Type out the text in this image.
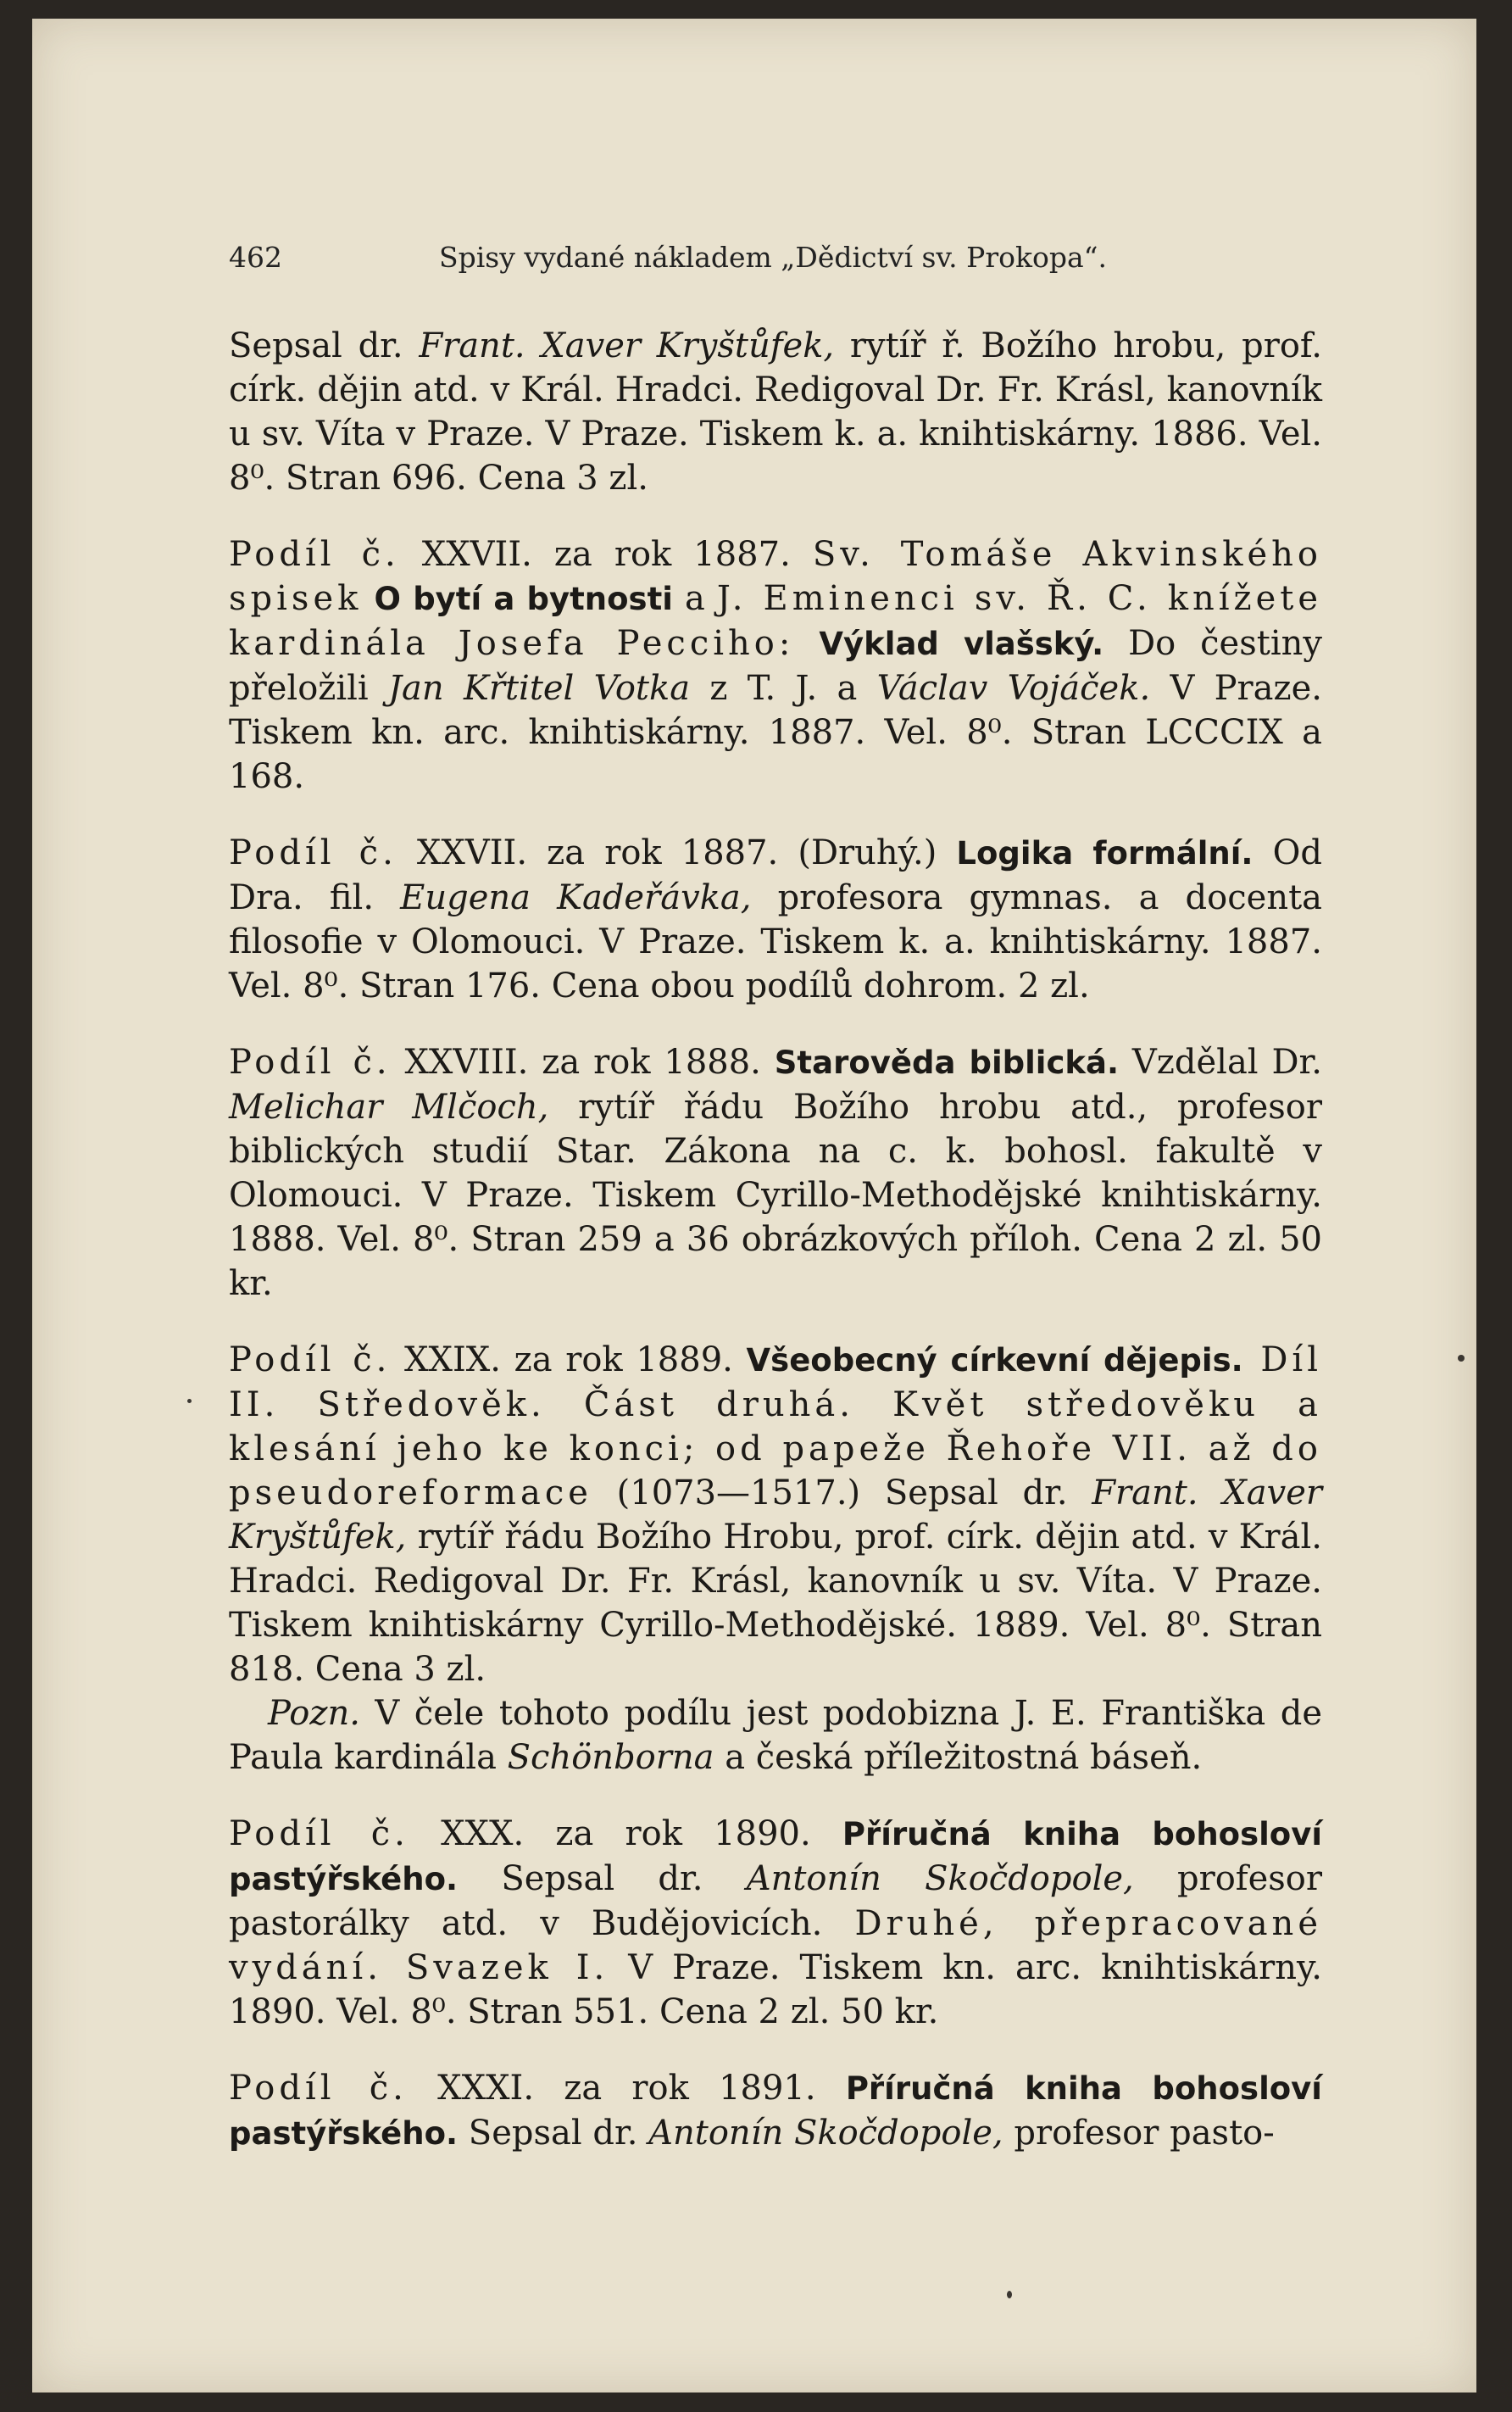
462	Spisy vydané nákladem „Dědictví sv. Prokopa“.

Sepsal dr. Frant. Xaver Kryštůfek, rytíř ř. Božího hrobu, prof. círk. dějin atd. v Král. Hradci. Redigoval Dr. Fr. Krásl, kanovník u sv. Víta v Praze. V Praze. Tiskem k. a. knihtiskárny. 1886. Vel. 8⁰. Stran 696. Cena 3 zl.

Podíl č. XXVII. za rok 1887. Sv. Tomáše Akvinského spisek O bytí a bytnosti a J. Eminenci sv. Ř. C. knížete kardinála Josefa Pecciho: Výklad vlašský. Do čestiny přeložili Jan Křtitel Votka z T. J. a Václav Vojáček. V Praze. Tiskem kn. arc. knihtiskárny. 1887. Vel. 8⁰. Stran LCCCIX a 168.

Podíl č. XXVII. za rok 1887. (Druhý.) Logika formální. Od Dra. fil. Eugena Kadeřávka, profesora gymnas. a docenta filosofie v Olomouci. V Praze. Tiskem k. a. knihtiskárny. 1887. Vel. 8⁰. Stran 176. Cena obou podílů dohrom. 2 zl.

Podíl č. XXVIII. za rok 1888. Starověda biblická. Vzdělal Dr. Melichar Mlčoch, rytíř řádu Božího hrobu atd., profesor biblických studií Star. Zákona na c. k. bohosl. fakultě v Olomouci. V Praze. Tiskem Cyrillo-Methodějské knihtiskárny. 1888. Vel. 8⁰. Stran 259 a 36 obrázkových příloh. Cena 2 zl. 50 kr.

Podíl č. XXIX. za rok 1889. Všeobecný církevní dějepis. Díl II. Středověk. Část druhá. Květ středověku a klesání jeho ke konci; od papeže Řehoře VII. až do pseudoreformace (1073—1517.) Sepsal dr. Frant. Xaver Kryštůfek, rytíř řádu Božího Hrobu, prof. círk. dějin atd. v Král. Hradci. Redigoval Dr. Fr. Krásl, kanovník u sv. Víta. V Praze. Tiskem knihtiskárny Cyrillo-Methodějské. 1889. Vel. 8⁰. Stran 818. Cena 3 zl.

Pozn. V čele tohoto podílu jest podobizna J. E. Františka de Paula kardinála Schönborna a česká příležitostná báseň.

Podíl č. XXX. za rok 1890. Příručná kniha bohosloví pastýřského. Sepsal dr. Antonín Skočdopole, profesor pastorálky atd. v Budějovicích. Druhé, přepracované vydání. Svazek I. V Praze. Tiskem kn. arc. knihtiskárny. 1890. Vel. 8⁰. Stran 551. Cena 2 zl. 50 kr.

Podíl č. XXXI. za rok 1891. Příručná kniha bohosloví pastýřského. Sepsal dr. Antonín Skočdopole, profesor pasto-
